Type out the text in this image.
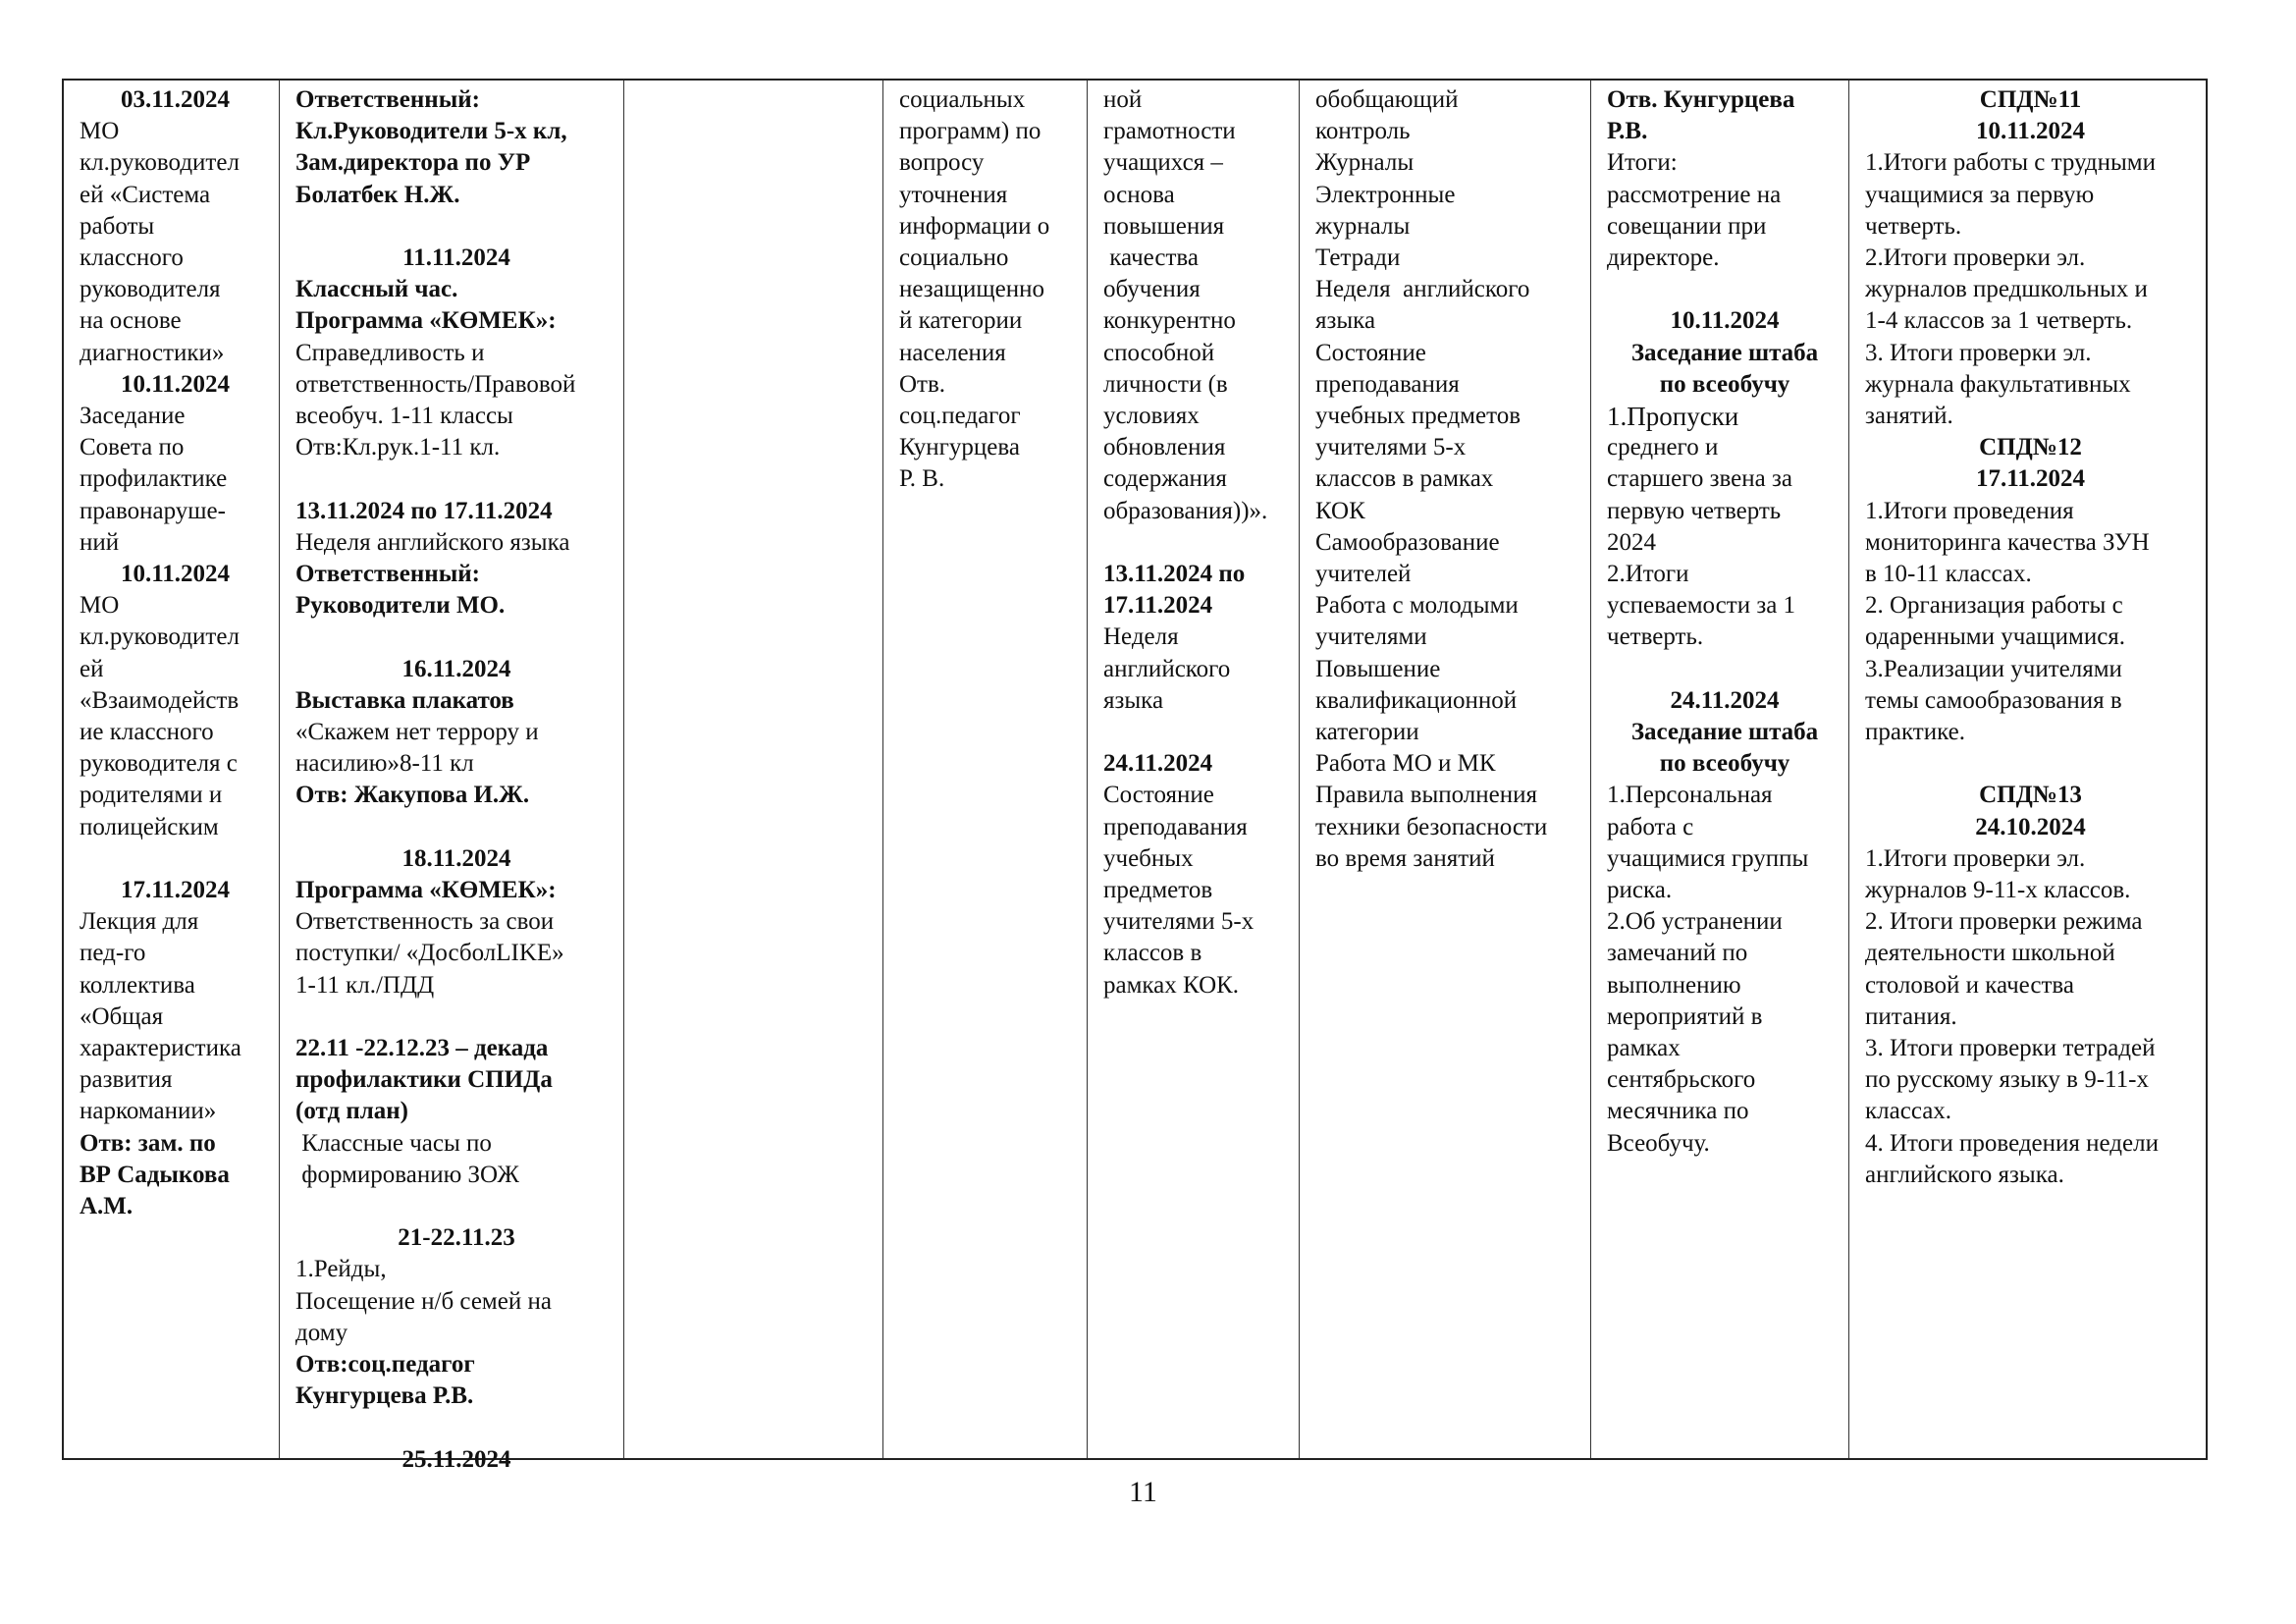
03.11.2024
МО
кл.руководител
ей «Система
работы
классного
руководителя
на основе
диагностики»
10.11.2024
Заседание
Совета по
профилактике
правонаруше-
ний
10.11.2024
МО
кл.руководител
ей
«Взаимодейств
ие классного
руководителя с
родителями и
полицейским
17.11.2024
Лекция для
пед-го
коллектива
«Общая
характеристика
развития
наркомании»
Отв: зам. по
ВР Садыкова
А.М.
Ответственный:
Кл.Руководители 5-х кл,
Зам.директора по УР
Болатбек Н.Ж.
11.11.2024
Классный час.
Программа «КӨМЕК»:
Справедливость и
ответственность/Правовой
всеобуч. 1-11 классы
Отв:Кл.рук.1-11 кл.
13.11.2024 по 17.11.2024
Неделя английского языка
Ответственный:
Руководители МО.
16.11.2024
Выставка плакатов
«Скажем нет террору и
насилию»8-11 кл
Отв: Жакупова И.Ж.
18.11.2024
Программа «КӨМЕК»:
Ответственность за свои
поступки/ «ДосболLIKE»
1-11 кл./ПДД
22.11 -22.12.23 – декада
профилактики СПИДа
(отд план)
Классные часы по
формированию ЗОЖ
21-22.11.23
1.Рейды,
Посещение н/б семей на
дому
Отв:соц.педагог
Кунгурцева Р.В.
25.11.2024
социальных
программ) по
вопросу
уточнения
информации о
социально
незащищенно
й категории
населения
Отв.
соц.педагог
Кунгурцева
Р. В.
ной
грамотности
учащихся –
основа
повышения
качества
обучения
конкурентно
способной
личности (в
условиях
обновления
содержания
образования))».
13.11.2024 по
17.11.2024
Неделя
английского
языка
24.11.2024
Состояние
преподавания
учебных
предметов
учителями 5-х
классов в
рамках КОК.
обобщающий
контроль
Журналы
Электронные
журналы
Тетради
Неделя  английского
языка
Состояние
преподавания
учебных предметов
учителями 5-х
классов в рамках
КОК
Самообразование
учителей
Работа с молодыми
учителями
Повышение
квалификационной
категории
Работа МО и МК
Правила выполнения
техники безопасности
во время занятий
Отв. Кунгурцева
Р.В.
Итоги:
рассмотрение на
совещании при
директоре.
10.11.2024
Заседание штаба
по всеобучу
1.Пропуски
среднего и
старшего звена за
первую четверть
2024
2.Итоги
успеваемости за 1
четверть.
24.11.2024
Заседание штаба
по всеобучу
1.Персональная
работа с
учащимися группы
риска.
2.Об устранении
замечаний по
выполнению
мероприятий в
рамках
сентябрьского
месячника по
Всеобучу.
СПД№11
10.11.2024
1.Итоги работы с трудными
учащимися за первую
четверть.
2.Итоги проверки эл.
журналов предшкольных и
1-4 классов за 1 четверть.
3. Итоги проверки эл.
журнала факультативных
занятий.
СПД№12
17.11.2024
1.Итоги проведения
мониторинга качества ЗУН
в 10-11 классах.
2. Организация работы с
одаренными учащимися.
3.Реализации учителями
темы самообразования в
практике.
СПД№13
24.10.2024
1.Итоги проверки эл.
журналов 9-11-х классов.
2. Итоги проверки режима
деятельности школьной
столовой и качества
питания.
3. Итоги проверки тетрадей
по русскому языку в 9-11-х
классах.
4. Итоги проведения недели
английского языка.
11
